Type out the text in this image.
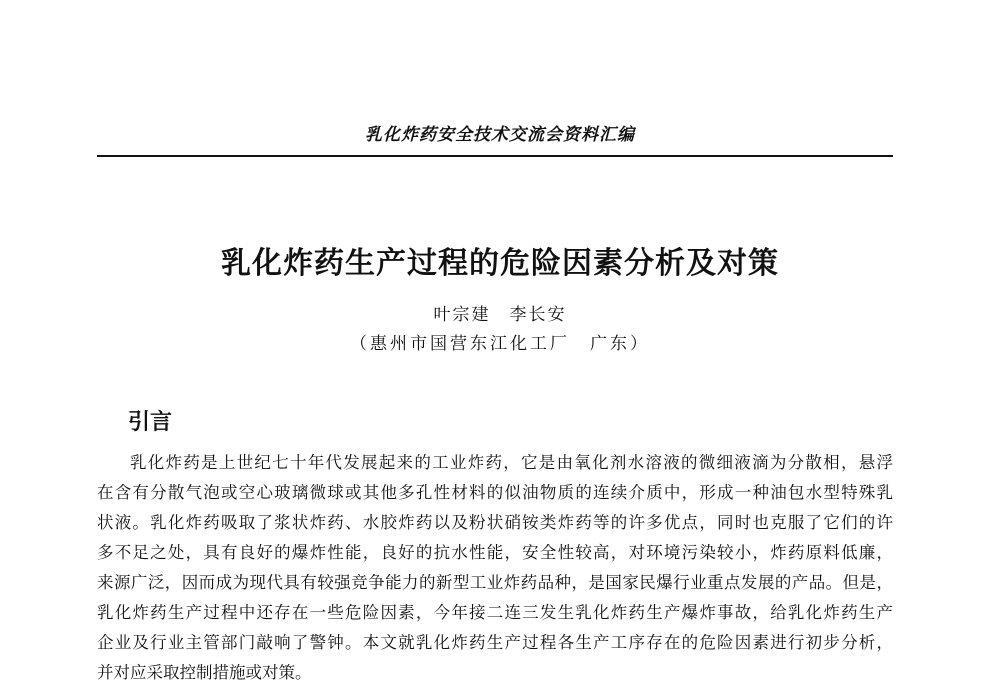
乳化炸药安全技术交流会资料汇编
乳化炸药生产过程的危险因素分析及对策
叶宗建　李长安
（惠州市国营东江化工厂　广东）
引言
乳化炸药是上世纪七十年代发展起来的工业炸药，它是由氧化剂水溶液的微细液滴为分散相，悬浮
在含有分散气泡或空心玻璃微球或其他多孔性材料的似油物质的连续介质中，形成一种油包水型特殊乳
状液。乳化炸药吸取了浆状炸药、水胶炸药以及粉状硝铵类炸药等的许多优点，同时也克服了它们的许
多不足之处，具有良好的爆炸性能，良好的抗水性能，安全性较高，对环境污染较小，炸药原料低廉，
来源广泛，因而成为现代具有较强竞争能力的新型工业炸药品种，是国家民爆行业重点发展的产品。但是，
乳化炸药生产过程中还存在一些危险因素，今年接二连三发生乳化炸药生产爆炸事故，给乳化炸药生产
企业及行业主管部门敲响了警钟。本文就乳化炸药生产过程各生产工序存在的危险因素进行初步分析，
并对应采取控制措施或对策。
